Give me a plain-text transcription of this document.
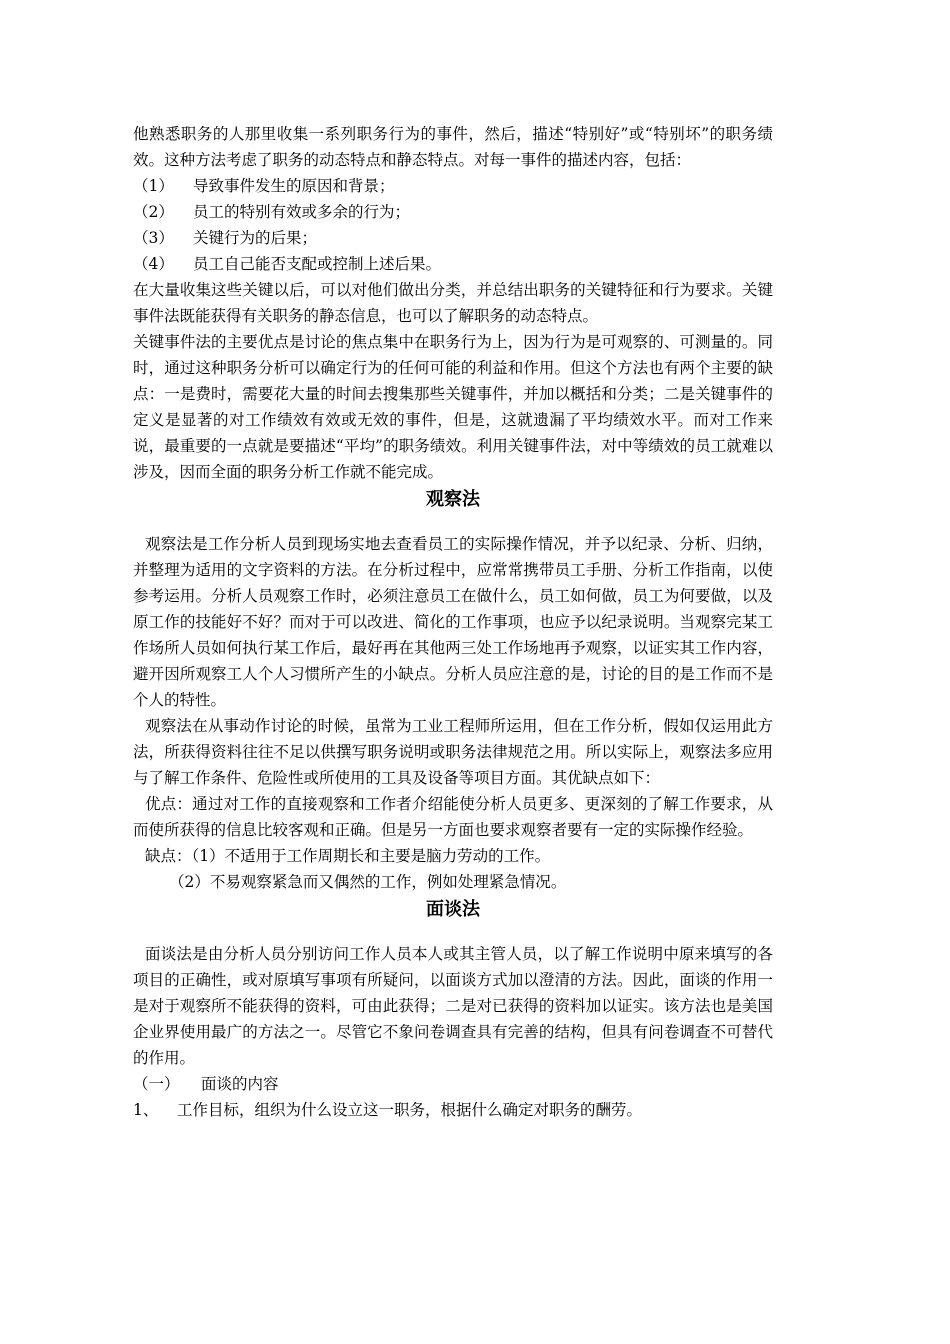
他熟悉职务的人那里收集一系列职务行为的事件，然后，描述“特别好”或“特别坏”的职务绩效。这种方法考虑了职务的动态特点和静态特点。对每一事件的描述内容，包括：

（1）	导致事件发生的原因和背景；
（2）	员工的特别有效或多余的行为；
（3）	关键行为的后果；
（4）	员工自己能否支配或控制上述后果。

在大量收集这些关键以后，可以对他们做出分类，并总结出职务的关键特征和行为要求。关键事件法既能获得有关职务的静态信息，也可以了解职务的动态特点。

关键事件法的主要优点是讨论的焦点集中在职务行为上，因为行为是可观察的、可测量的。同时，通过这种职务分析可以确定行为的任何可能的利益和作用。但这个方法也有两个主要的缺点：一是费时，需要花大量的时间去搜集那些关键事件，并加以概括和分类；二是关键事件的定义是显著的对工作绩效有效或无效的事件，但是，这就遗漏了平均绩效水平。而对工作来说，最重要的一点就是要描述“平均”的职务绩效。利用关键事件法，对中等绩效的员工就难以涉及，因而全面的职务分析工作就不能完成。

观察法

观察法是工作分析人员到现场实地去查看员工的实际操作情况，并予以纪录、分析、归纳，并整理为适用的文字资料的方法。在分析过程中，应常常携带员工手册、分析工作指南，以使参考运用。分析人员观察工作时，必须注意员工在做什么，员工如何做，员工为何要做，以及原工作的技能好不好？而对于可以改进、简化的工作事项，也应予以纪录说明。当观察完某工作场所人员如何执行某工作后，最好再在其他两三处工作场地再予观察，以证实其工作内容，避开因所观察工人个人习惯所产生的小缺点。分析人员应注意的是，讨论的目的是工作而不是个人的特性。

观察法在从事动作讨论的时候，虽常为工业工程师所运用，但在工作分析，假如仅运用此方法，所获得资料往往不足以供撰写职务说明或职务法律规范之用。所以实际上，观察法多应用与了解工作条件、危险性或所使用的工具及设备等项目方面。其优缺点如下：

优点：通过对工作的直接观察和工作者介绍能使分析人员更多、更深刻的了解工作要求，从而使所获得的信息比较客观和正确。但是另一方面也要求观察者要有一定的实际操作经验。

缺点：（1）不适用于工作周期长和主要是脑力劳动的工作。

（2）不易观察紧急而又偶然的工作，例如处理紧急情况。

面谈法

面谈法是由分析人员分别访问工作人员本人或其主管人员，以了解工作说明中原来填写的各项目的正确性，或对原填写事项有所疑问，以面谈方式加以澄清的方法。因此，面谈的作用一是对于观察所不能获得的资料，可由此获得；二是对已获得的资料加以证实。该方法也是美国企业界使用最广的方法之一。尽管它不象问卷调查具有完善的结构，但具有问卷调查不可替代的作用。

（一）	面谈的内容
1、	工作目标，组织为什么设立这一职务，根据什么确定对职务的酬劳。
